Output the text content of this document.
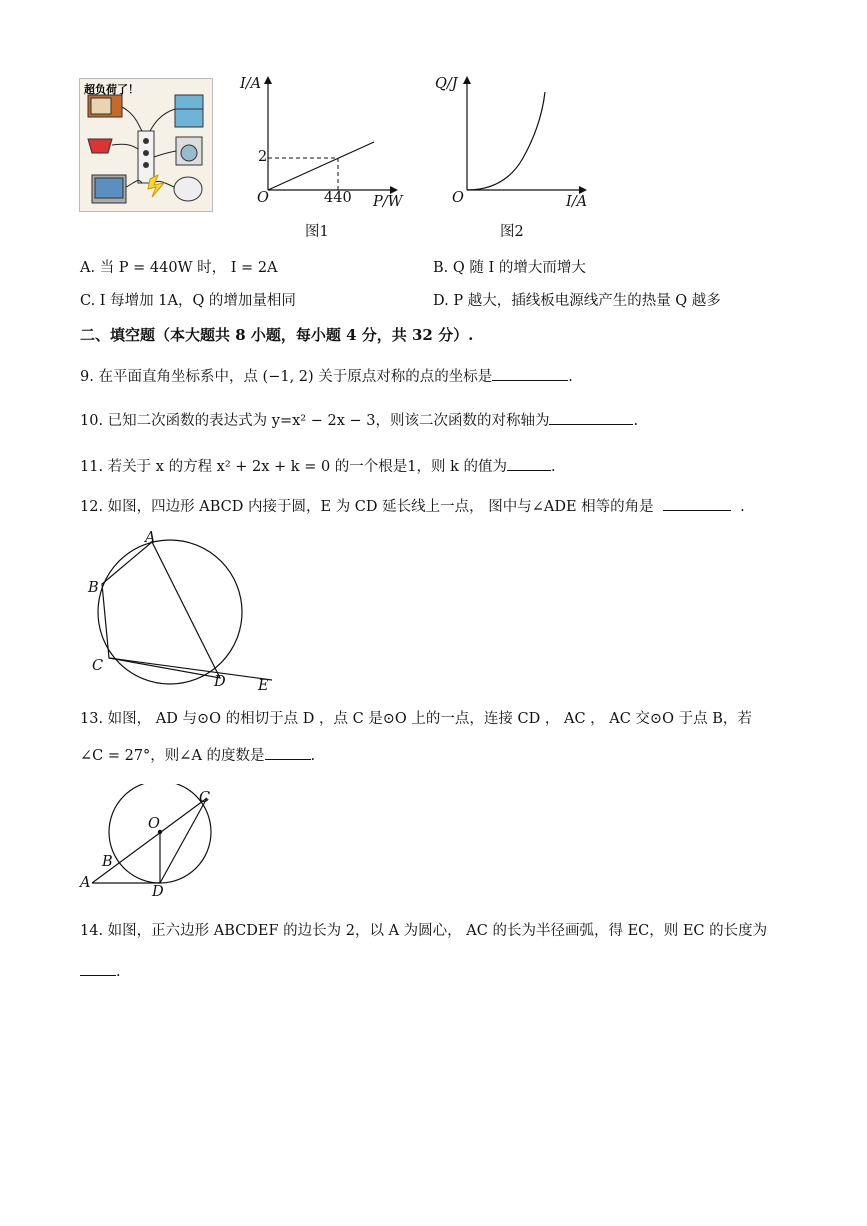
超负荷了！	I/A
P/W
O
2
440
图1
Q/J
I/A
O
图2
A. 当 P = 440W 时， I = 2A	B. Q 随 I 的增大而增大
C. I 每增加 1A，Q 的增加量相同	D. P 越大，插线板电源线产生的热量 Q 越多
二、填空题（本大题共 8 小题，每小题 4 分，共 32 分）.
9. 在平面直角坐标系中，点 (−1, 2) 关于原点对称的点的坐标是	.
10. 已知二次函数的表达式为 y=x² − 2x − 3，则该二次函数的对称轴为	.
11. 若关于 x 的方程 x² + 2x + k = 0 的一个根是1，则 k 的值为	.
12. 如图，四边形 ABCD 内接于圆，E 为 CD 延长线上一点， 图中与∠ADE 相等的角是	.
A
B
C
D E
13. 如图， AD 与⊙O 的相切于点 D ，点 C 是⊙O 上的一点，连接 CD ， AC ， AC 交⊙O 于点 B，若
∠C = 27°，则∠A 的度数是	.
O
C
B
A
D
14. 如图，正六边形 ABCDEF 的边长为 2，以 A 为圆心， AC 的长为半径画弧，得 EC，则 EC 的长度为
.
